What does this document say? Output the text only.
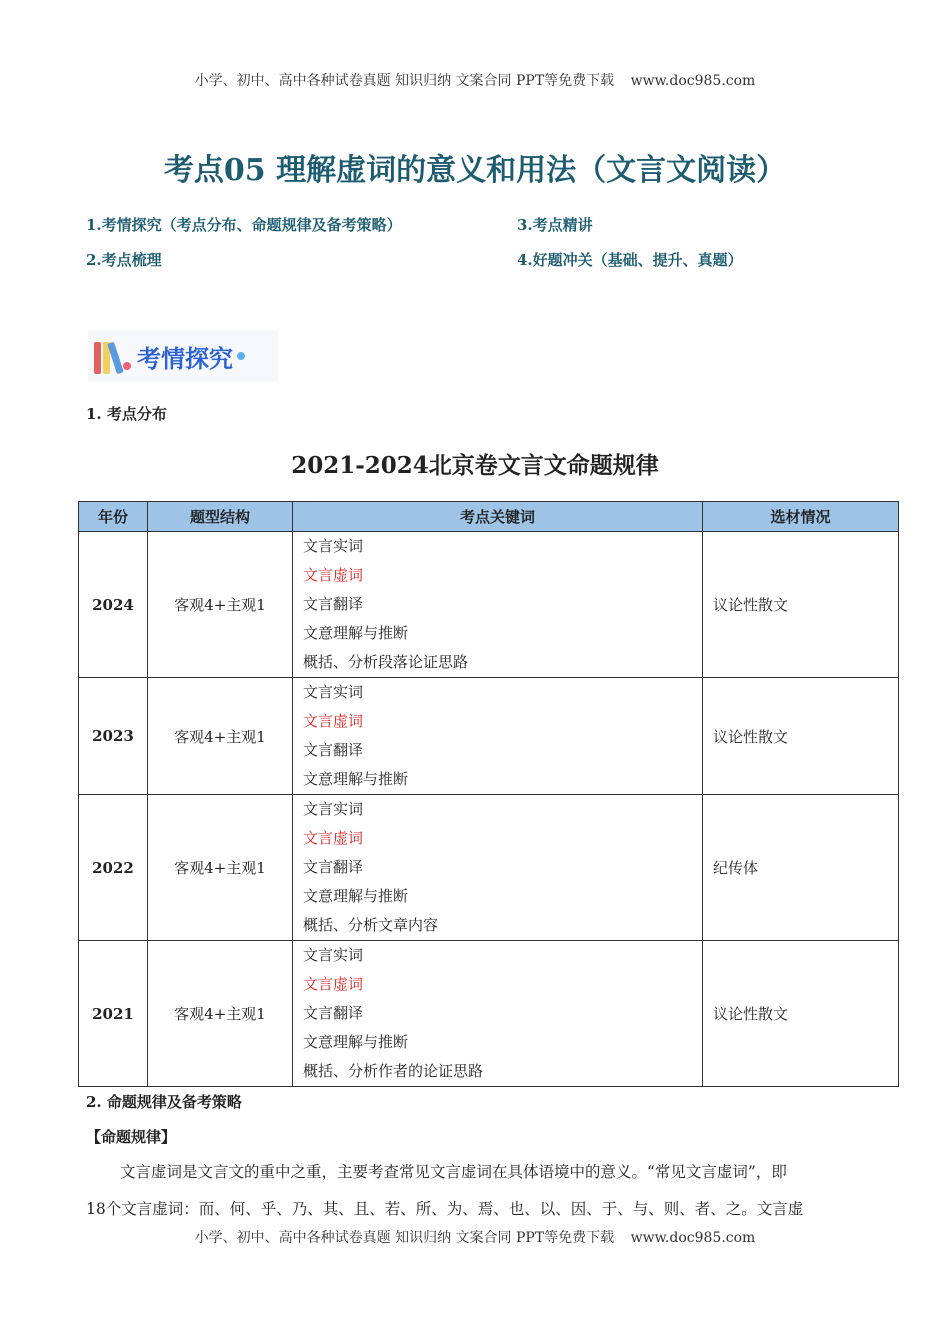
小学、初中、高中各种试卷真题 知识归纳 文案合同 PPT等免费下载 www.doc985.com
考点05 理解虚词的意义和用法（文言文阅读）
1.考情探究（考点分布、命题规律及备考策略）
2.考点梳理
3.考点精讲
4.好题冲关（基础、提升、真题）
考情探究
1. 考点分布
2021-2024北京卷文言文命题规律
年份	题型结构	考点关键词	选材情况
2024	客观4+主观1	文言实词
文言虚词
文言翻译
文意理解与推断
概括、分析段落论证思路	议论性散文
2023	客观4+主观1	文言实词
文言虚词
文言翻译
文意理解与推断	议论性散文
2022	客观4+主观1	文言实词
文言虚词
文言翻译
文意理解与推断
概括、分析文章内容	纪传体
2021	客观4+主观1	文言实词
文言虚词
文言翻译
文意理解与推断
概括、分析作者的论证思路	议论性散文
2. 命题规律及备考策略
【命题规律】
文言虚词是文言文的重中之重，主要考查常见文言虚词在具体语境中的意义。“常见文言虚词”，即
18个文言虚词：而、何、乎、乃、其、且、若、所、为、焉、也、以、因、于、与、则、者、之。文言虚
小学、初中、高中各种试卷真题 知识归纳 文案合同 PPT等免费下载 www.doc985.com
